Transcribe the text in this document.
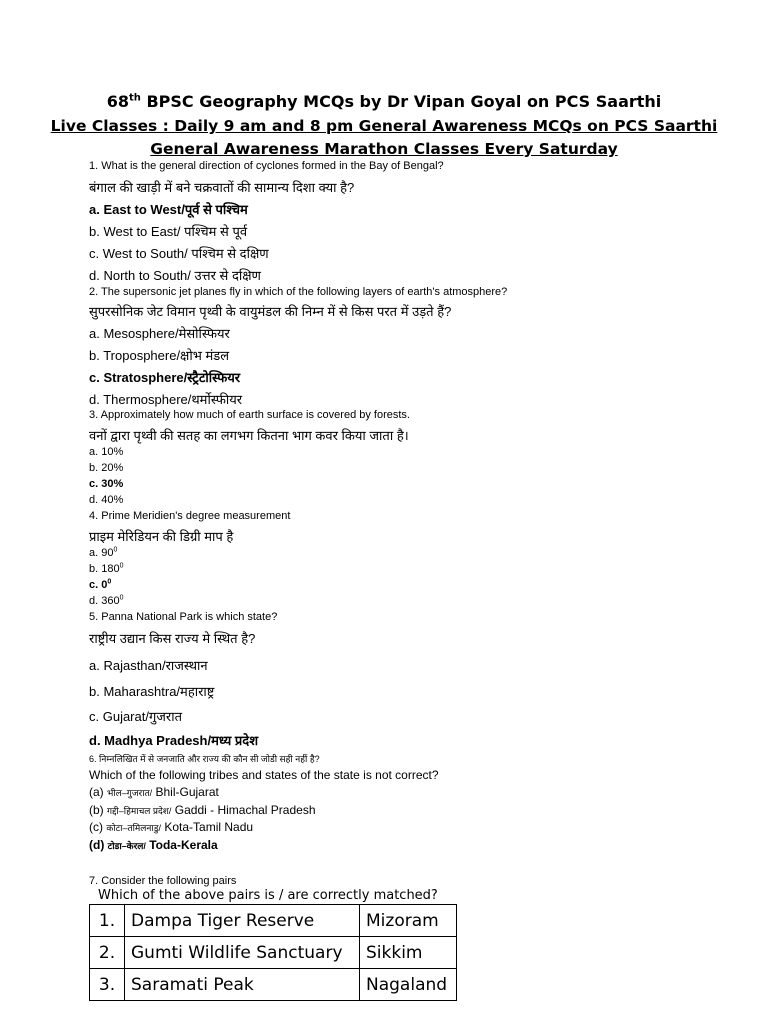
68th BPSC Geography MCQs by Dr Vipan Goyal on PCS Saarthi
Live Classes : Daily 9 am and 8 pm General Awareness MCQs on PCS Saarthi
General Awareness Marathon Classes Every Saturday
1. What is the general direction of cyclones formed in the Bay of Bengal?
बंगाल की खाड़ी में बने चक्रवातों की सामान्य दिशा क्या है?
a. East to West/पूर्व से पश्चिम
b. West to East/ पश्चिम से पूर्व
c. West to South/ पश्चिम से दक्षिण
d. North to South/ उत्तर से दक्षिण
2. The supersonic jet planes fly in which of the following layers of earth's atmosphere?
सुपरसोनिक जेट विमान पृथ्वी के वायुमंडल की निम्न में से किस परत में उड़ते हैं?
a. Mesosphere/मेसोस्फियर
b. Troposphere/क्षोभ मंडल
c. Stratosphere/स्ट्रैटोस्फियर
d. Thermosphere/थर्मोस्फीयर
3. Approximately how much of earth surface is covered by forests.
वनों द्वारा पृथ्वी की सतह का लगभग कितना भाग कवर किया जाता है।
a. 10%
b. 20%
c. 30%
d. 40%
4. Prime Meridien's degree measurement
प्राइम मेरिडियन की डिग्री माप है
a. $90^0$
b. $180^0$
c. $0^0$
d. $360^0$
5. Panna National Park is which state?
राष्ट्रीय उद्यान किस राज्य मे स्थित है?
a. Rajasthan/राजस्थान
b. Maharashtra/महाराष्ट्र
c. Gujarat/गुजरात
d. Madhya Pradesh/मध्य प्रदेश
6. निम्नलिखित में से जनजाति और राज्य की कौन सी जोडी सही नहीं है?
Which of the following tribes and states of the state is not correct?
(a) भील–गुजरात/ Bhil-Gujarat
(b) गद्दी–हिमाचल प्रदेश/ Gaddi - Himachal Pradesh
(c) कोटा–तमिलनाडु/ Kota-Tamil Nadu
(d) टोडा–केरल/ Toda-Kerala
7. Consider the following pairs
Which of the above pairs is / are correctly matched?
1.	Dampa Tiger Reserve	Mizoram
2.	Gumti Wildlife Sanctuary	Sikkim
3.	Saramati Peak	Nagaland
